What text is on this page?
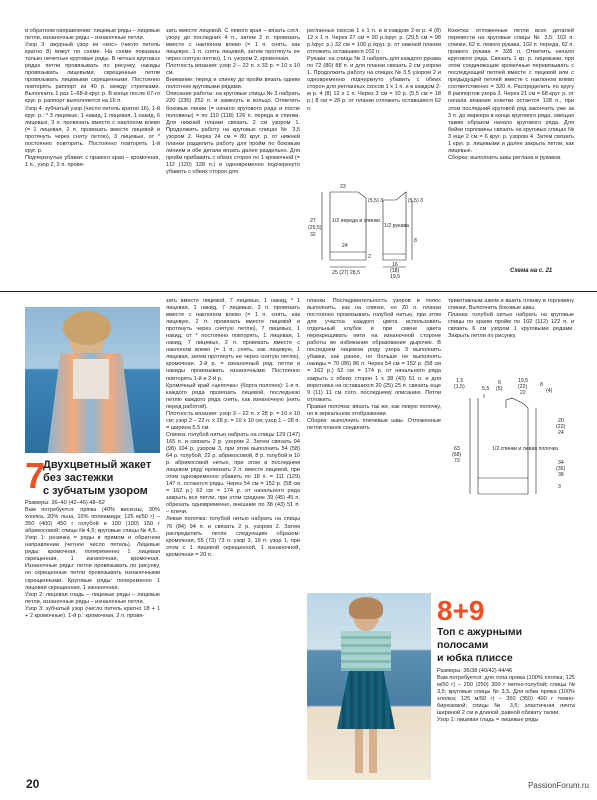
и обратном направлении: лицевые ряды – лицевые петли, изнаночные ряды – изнаночные петли.
Узор 3: ажурный узор из «кос» (число петель кратно 8) вяжут по схеме. На схеме показаны только нечетные круговые ряды. В четных круговых рядах петли провязывать по рисунку, накиды провязывать лицевыми, скрещенные петли провязывать лицевыми скрещенными. Постоянно повторять раппорт из 40 р. между стрелками. Выполнить 1 раз 1–68-й круг. р. В конце после 67-го круг. р. раппорт выполняется на 16 п.
Узор 4: зубчатый узор (число петель кратно 16). 1-й круг. р.: * 3 лицевые, 1 накид, 1 лицевая, 1 накид, 6 лицевых, 3 п. провязать вместе с наклоном влево (= 1 лицевая, 2 п. провязать вместе лицевой и протянуть через сняту петлю), 3 лицевые, от * постоянно повторять. Постоянно повторять 1-й круг. р.
Подчеркнутые убавки: с правого края – кромочная, 1 п., узор 2, 2 п. провя-

зать вместе лицевой. С левого края – вязать согл. узору до последних 4 п., затем 2 п. провязать вместе с наклоном влево (= 1 п. снять, как лицевую, 1 п. снять лицевой, затем протянуть ее через снятую петлю), 1 п. узором 2, кромочная.
Плотность вязания: узор 2 – 22 п. x 33 р. = 10 x 10 см.
Внимание: перед и спинку до пройм вязать одним полотном круговыми рядами.
Описание работы: на круговые спицы № 3 набрать 220 (236) 252 п. и замкнуть в кольцо. Отметить боковые линии (= начало кругового ряда и после половины) = по 110 (118) 126 п. переда и спинки. Для нижней планки связать 2 см узором 1. Продолжить работу на круговых спицах № 3,5 узором 2. Через 24 см = 80 круг. р. от нижней планки разделить работу для пройм по боковым линиям и обе детали вязать далее раздельно. Для пройм прибавить с обеих сторон по 1 кромочной (= 112 (120) 128 п.) и одновременно подчеркнуто убавить с обеих сторон для

регланных скосов 1 x 1 п. и в каждом 2-м р. 4 (8) 12 x 1 п. Через 27 см = 90 р./круг. р. (29,5 см = 98 р./круг. р.) 32 см = 106 р./круг. р. от нижней планки отложить оставшиеся 102 п.
Рукава: на спицы № 3 набрать для каждого рукава по 72 (80) 88 п. и для планки связать 2 см узором 1. Продолжить работу на спицах № 3,5 узором 2 и одновременно подчеркнуто убавить с обеих сторон для регланных скосов 1 x 1 п. и в каждом 2-м р. 4 (8) 12 x 1 п. Через 3 см = 10 р. (5,5 см = 18 р.) 8 см = 26 р. от планки отложить оставшиеся 62 п.

Кокетка: отложенные петли всех деталей перевести на круговые спицы № 3,5: 102 п. спинки, 62 п. левого рукава, 102 п. переда, 62 п. правого рукава = 328 п. Отметить начало кругового ряда. Связать 1 кр. р. лицевыми, при этом соединяющие кромочные перевязывать с последующей петлей вместе с лицевой или с предыдущей петлей вместе с наклоном влево соответственно = 320 п. Распределить по кругу 8 раппортов узора 3. Через 21 см = 68 круг. р. от начала вязания кокетки остается 128 п., при этом последний круговой ряд закончить уже за 3 п. до маркера в конце кругового ряда, смещая таким образом начало кругового ряда. Для бейки горловины связать на круговых спицах № 3 еще 2 см = 6 круг. р. узором 4. Затем связать 1 круг. р. лицевыми и далее закрыть петли, как лицевые.
Сборка: выполнить швы реглана и рукавов.

23
(5,5) 3
1/2 переда и спинки
1/2 рукава
27
(29,5)
32
24
2
8
(5,5) 3
25 (27) 28,5
16
(18)
19,5
Схема на с. 21
7
Двухцветный жакет
без застежки
с зубчатым узором

Размеры: 36–40 (42–46) 48–52
Вам потребуется: пряжа (40% вискозы, 30% хлопка, 20% льна, 10% полиамида; 125 м/50 г) – 350 (400) 450 г голубой и 100 (100) 150 г абрикосовой; спицы № 4,5; круговые спицы № 4,5.
Узор 1: резинка = ряды в прямом и обратном направлении (четное число петель). Лицевые ряды: кромочная, попеременно 1 лицевая скрещенная, 1 изнаночная, кромочная. Изнаночные ряды: петли провязывать по рисунку, но скрещенные петли провязывать изнаночными скрещенными. Круговые ряды: попеременно 1 лицевая скрещенная, 1 изнаночная.
Узор 2: лицевая гладь – лицевые ряды – лицевые петли, изнаночные ряды – изнаночные петли.
Узор 3: зубчатый узор (число петель кратно 18 + 1 + 2 кромочные). 1-й р.: кромочная, 2 п. провя-

зать вместе лицевой, 7 лицевых, 1 накид, * 1 лицевая, 1 накид, 7 лицевых, 3 п. провязать вместе с наклоном влево (= 1 п. снять, как лицевую, 2 п. провязать вместе лицевой и протянуть через снятую петлю), 7 лицевых, 1 накид, от * постоянно повторять, 1 лицевая, 1 накид, 7 лицевых, 2 п. провязать вместе с наклоном влево (= 1 п. снять, как лицевую, 1 лицевая, затем протянуть ее через снятую петлю), кромочная. 2-й р. = изнаночный ряд: петли и накиды провязывать изнаночными. Постоянно повторять 1-й и 2-й р.
Кромочный край «цепочка» (борта полочек): 1-я п. каждого ряда провязать лицевой, последнюю петлю каждого ряда снять, как изнаночную (нить перед работой).
Плотность вязания: узор 3 – 22 п. x 28 р. = 10 x 10 см; узор 2 – 22 п. x 28 р. = 10 x 10 см; узор 1 – 28 п. = ширина 5,5 см.
Спинка: голубой нитью набрать на спицы 129 (147) 165 п. и связать 2 р. узором 2. Затем связать 94 (98) 104 р. узором 3, при этом выполнить 54 (58) 64 р. голубой, 22 р. абрикосовой, 8 р. голубой и 10 р. абрикосовой нитью, при этом в последнем лицевом ряду провязать 2 п. вместе лицевой, при этом одновременно убавить по 18 п. = 111 (129) 147 п. остаются ряды. Через 54 см = 152 р. (58 см = 162 р.) 62 см = 174 р. от начального ряда закрыть все петли, при этом средние 39 (45) 45 п. обрезать одновременно, внешние по 38 (43) 51 п. – плечи.
Левая полочка: голубой нитью набрать на спицы 76 (84) 94 п. и связать 2 р. узором 2. Затем распределить петли следующим образом: кромочная, 55 (73) 73 п. узор 3, 19 п. узор 1, при этом с 1 лицевой скрещенной, 1 изнаночной, кромочная = 20 п.

планки. Последовательность узоров и полос выполнить, как на спинке, но 20 п. планки постоянно провязывать голубой нитью, при этом для участка каждого цвета использовать отдельный клубок и при смене цвета перекрещивать нити на изнаночной стороне работы во избежание образования дырочек. В последнем лицевом ряду узора 3 выполнить убавки, как ранее, но больше не выполнять накиды = 70 (86) 86 п. Через 54 см = 152 р. (58 см = 162 р.) 62 см = 174 р. от начального ряда закрыть с обеих сторон 1 x 38 (43) 51 п. и для воротника на оставшихся 20 (25) 25 п. связать еще 9 (11) 11 см согл. последнему описанию. Петли отложить.
Правая полочка: вязать так же, как левую полочку, но в зеркальном отображении.
Сборка: выполнить плечевые швы. Отложенные петли планок соединить

трикотажным швом и вшить планку в горловину спинки. Выполнить боковые швы.
Планка: голубой нитью набрать на круговые спицы по краям пройм по 102 (112) 122 п. и связать 6 см узором 1 круговыми рядами. Закрыть петли по рисунку.

1,5
(1,5)	5,5
6
(5)
19,5
(22)
22
8
(4)
20
(22)
24
63
(68)
73
1/2 спинки и левая полочка
34
(36)
38
3
8+9
Топ с ажурными
полосами
и юбка плиссе

Размеры: 36/38 (40/42) 44/46
Вам потребуется: для топа пряжа (100% хлопка; 125 м/50 г) – 200 (250) 300 г мятно-голубой; спицы № 3,5; круговые спицы № 3,5. Для юбки пряжа (100% хлопка; 125 м/50 г) – 350 (350) 400 г темно-бирюзовой; спицы № 3,5; эластичная лента шириной 2 см и длиной, равной обхвату талии.
Узор 1: лицевая гладь = лицевые ряды

20	PassionForum.ru
